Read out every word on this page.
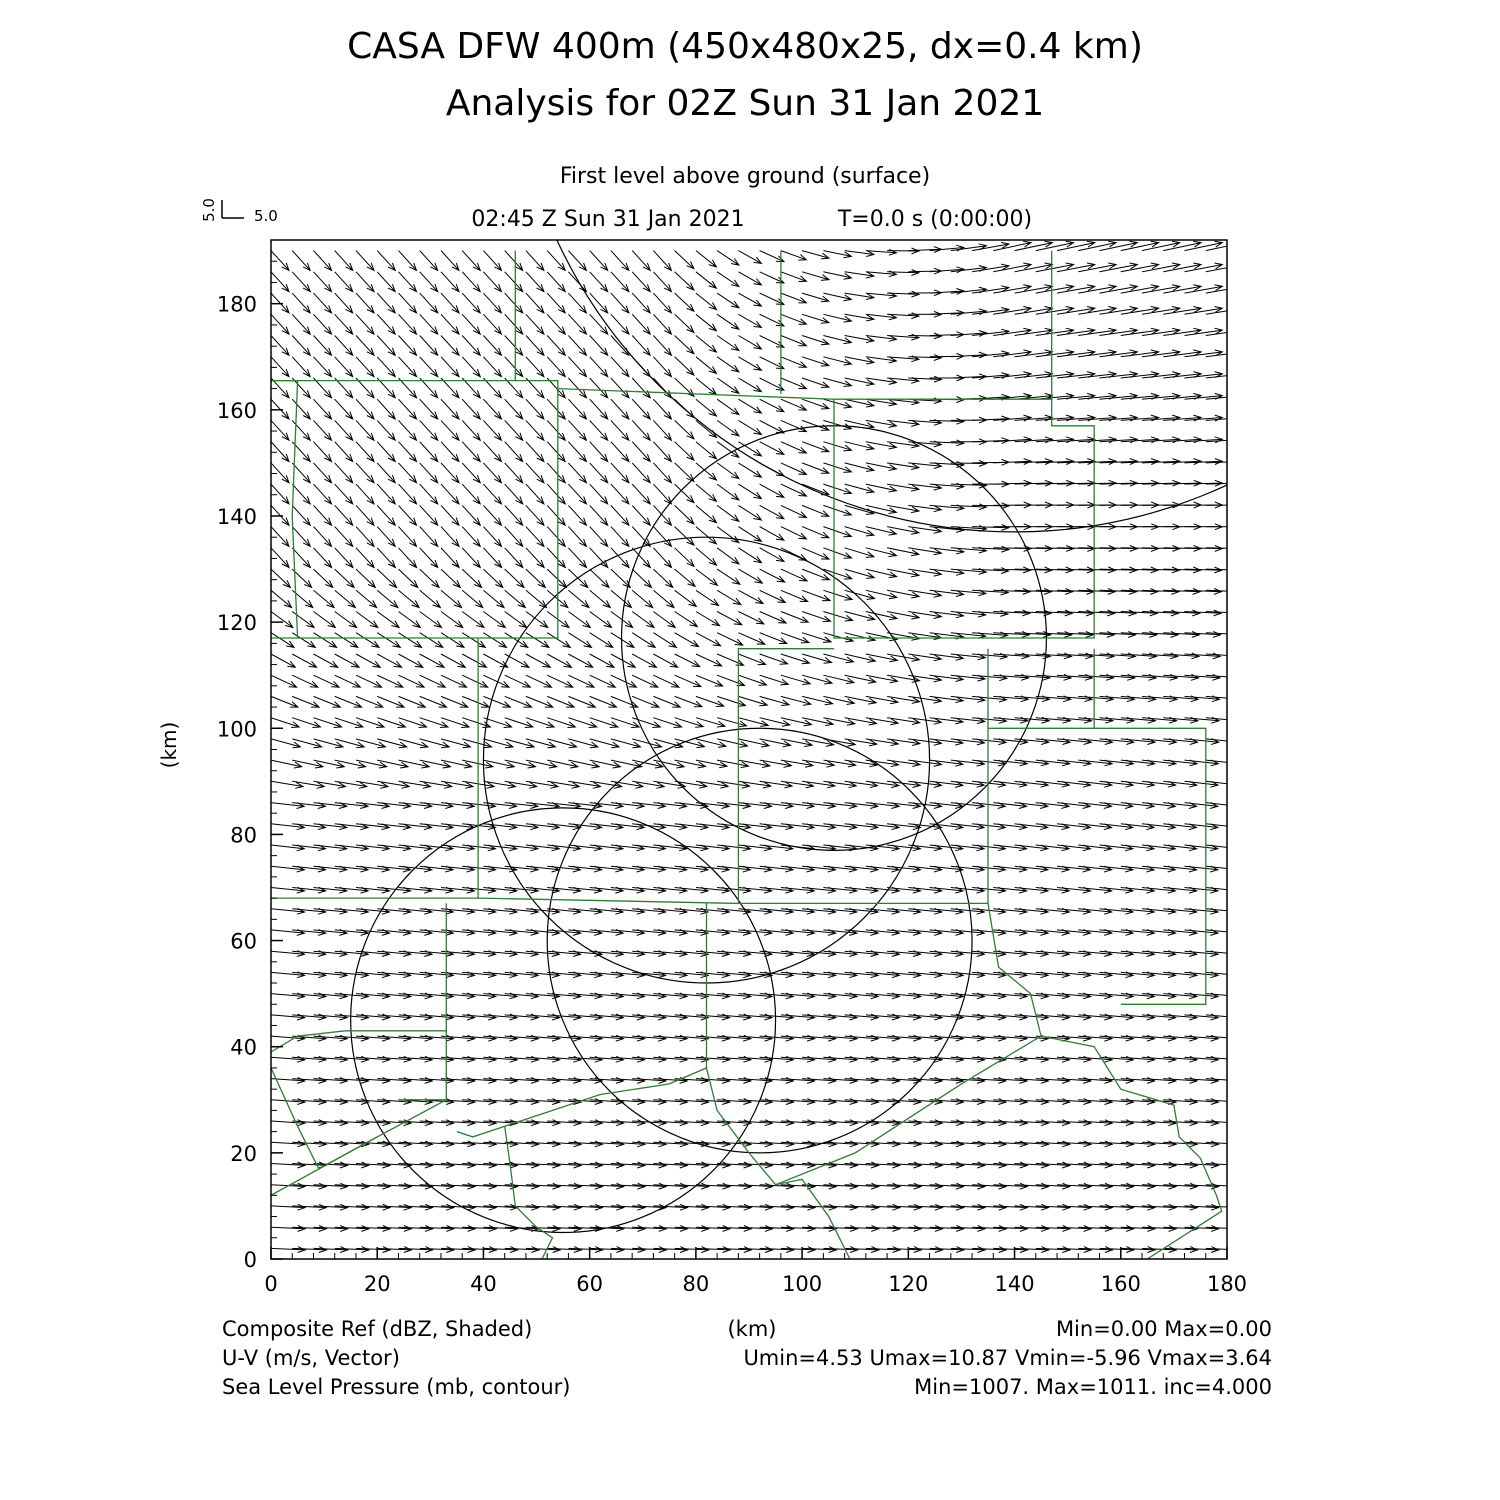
CASA DFW 400m (450x480x25, dx=0.4 km)
Analysis for 02Z Sun 31 Jan 2021
First level above ground (surface)
02:45 Z Sun 31 Jan 2021	T=0.0 s (0:00:00)
5.0 5.0
0	20	40	60	80	100	120	140	160	180
0
20
40
60
80
100
120
140
160
180
(km)
Composite Ref (dBZ, Shaded)
U-V (m/s, Vector)
Sea Level Pressure (mb, contour)
(km)	Min=0.00 Max=0.00
Umin=4.53 Umax=10.87 Vmin=-5.96 Vmax=3.64
Min=1007. Max=1011. inc=4.000
